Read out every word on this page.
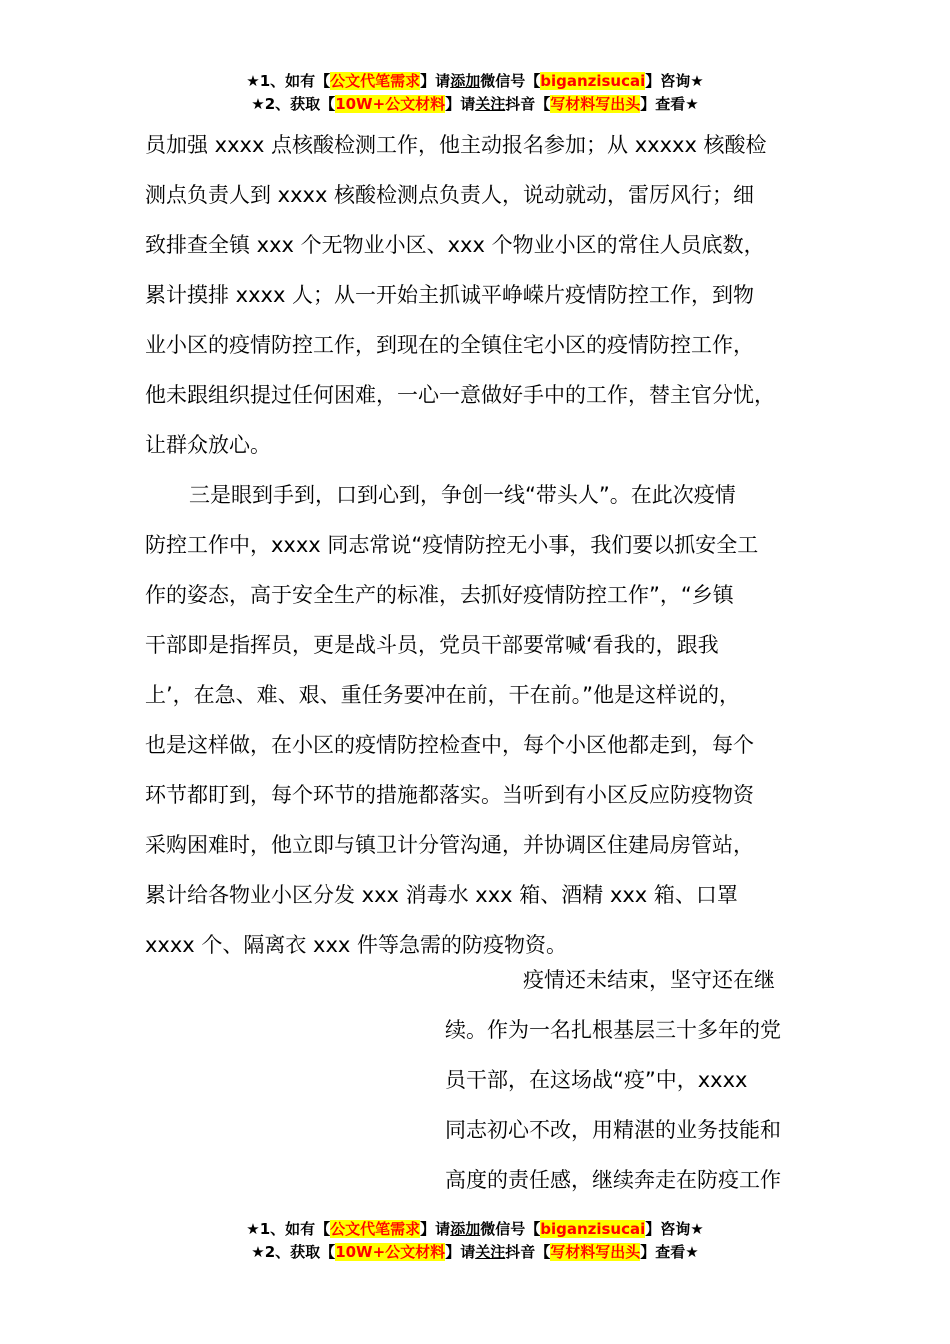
★1、如有【公文代笔需求】请添加微信号【biganzisucai】咨询★
★2、获取【10W+公文材料】请关注抖音【写材料写出头】查看★
员加强 xxxx 点核酸检测工作，他主动报名参加；从 xxxxx 核酸检
测点负责人到 xxxx 核酸检测点负责人，说动就动，雷厉风行；细
致排查全镇 xxx 个无物业小区、xxx 个物业小区的常住人员底数，
累计摸排 xxxx 人；从一开始主抓诚平峥嵘片疫情防控工作，到物
业小区的疫情防控工作，到现在的全镇住宅小区的疫情防控工作，
他未跟组织提过任何困难，一心一意做好手中的工作，替主官分忧，
让群众放心。
三是眼到手到，口到心到，争创一线“带头人”。在此次疫情
防控工作中，xxxx 同志常说“疫情防控无小事，我们要以抓安全工
作的姿态，高于安全生产的标准，去抓好疫情防控工作”，“乡镇
干部即是指挥员，更是战斗员，党员干部要常喊‘看我的，跟我
上’，在急、难、艰、重任务要冲在前，干在前。”他是这样说的，
也是这样做，在小区的疫情防控检查中，每个小区他都走到，每个
环节都盯到，每个环节的措施都落实。当听到有小区反应防疫物资
采购困难时，他立即与镇卫计分管沟通，并协调区住建局房管站，
累计给各物业小区分发 xxx 消毒水 xxx 箱、酒精 xxx 箱、口罩
xxxx 个、隔离衣 xxx 件等急需的防疫物资。
疫情还未结束，坚守还在继
续。作为一名扎根基层三十多年的党
员干部，在这场战“疫”中，xxxx
同志初心不改，用精湛的业务技能和
高度的责任感，继续奔走在防疫工作
★1、如有【公文代笔需求】请添加微信号【biganzisucai】咨询★
★2、获取【10W+公文材料】请关注抖音【写材料写出头】查看★
